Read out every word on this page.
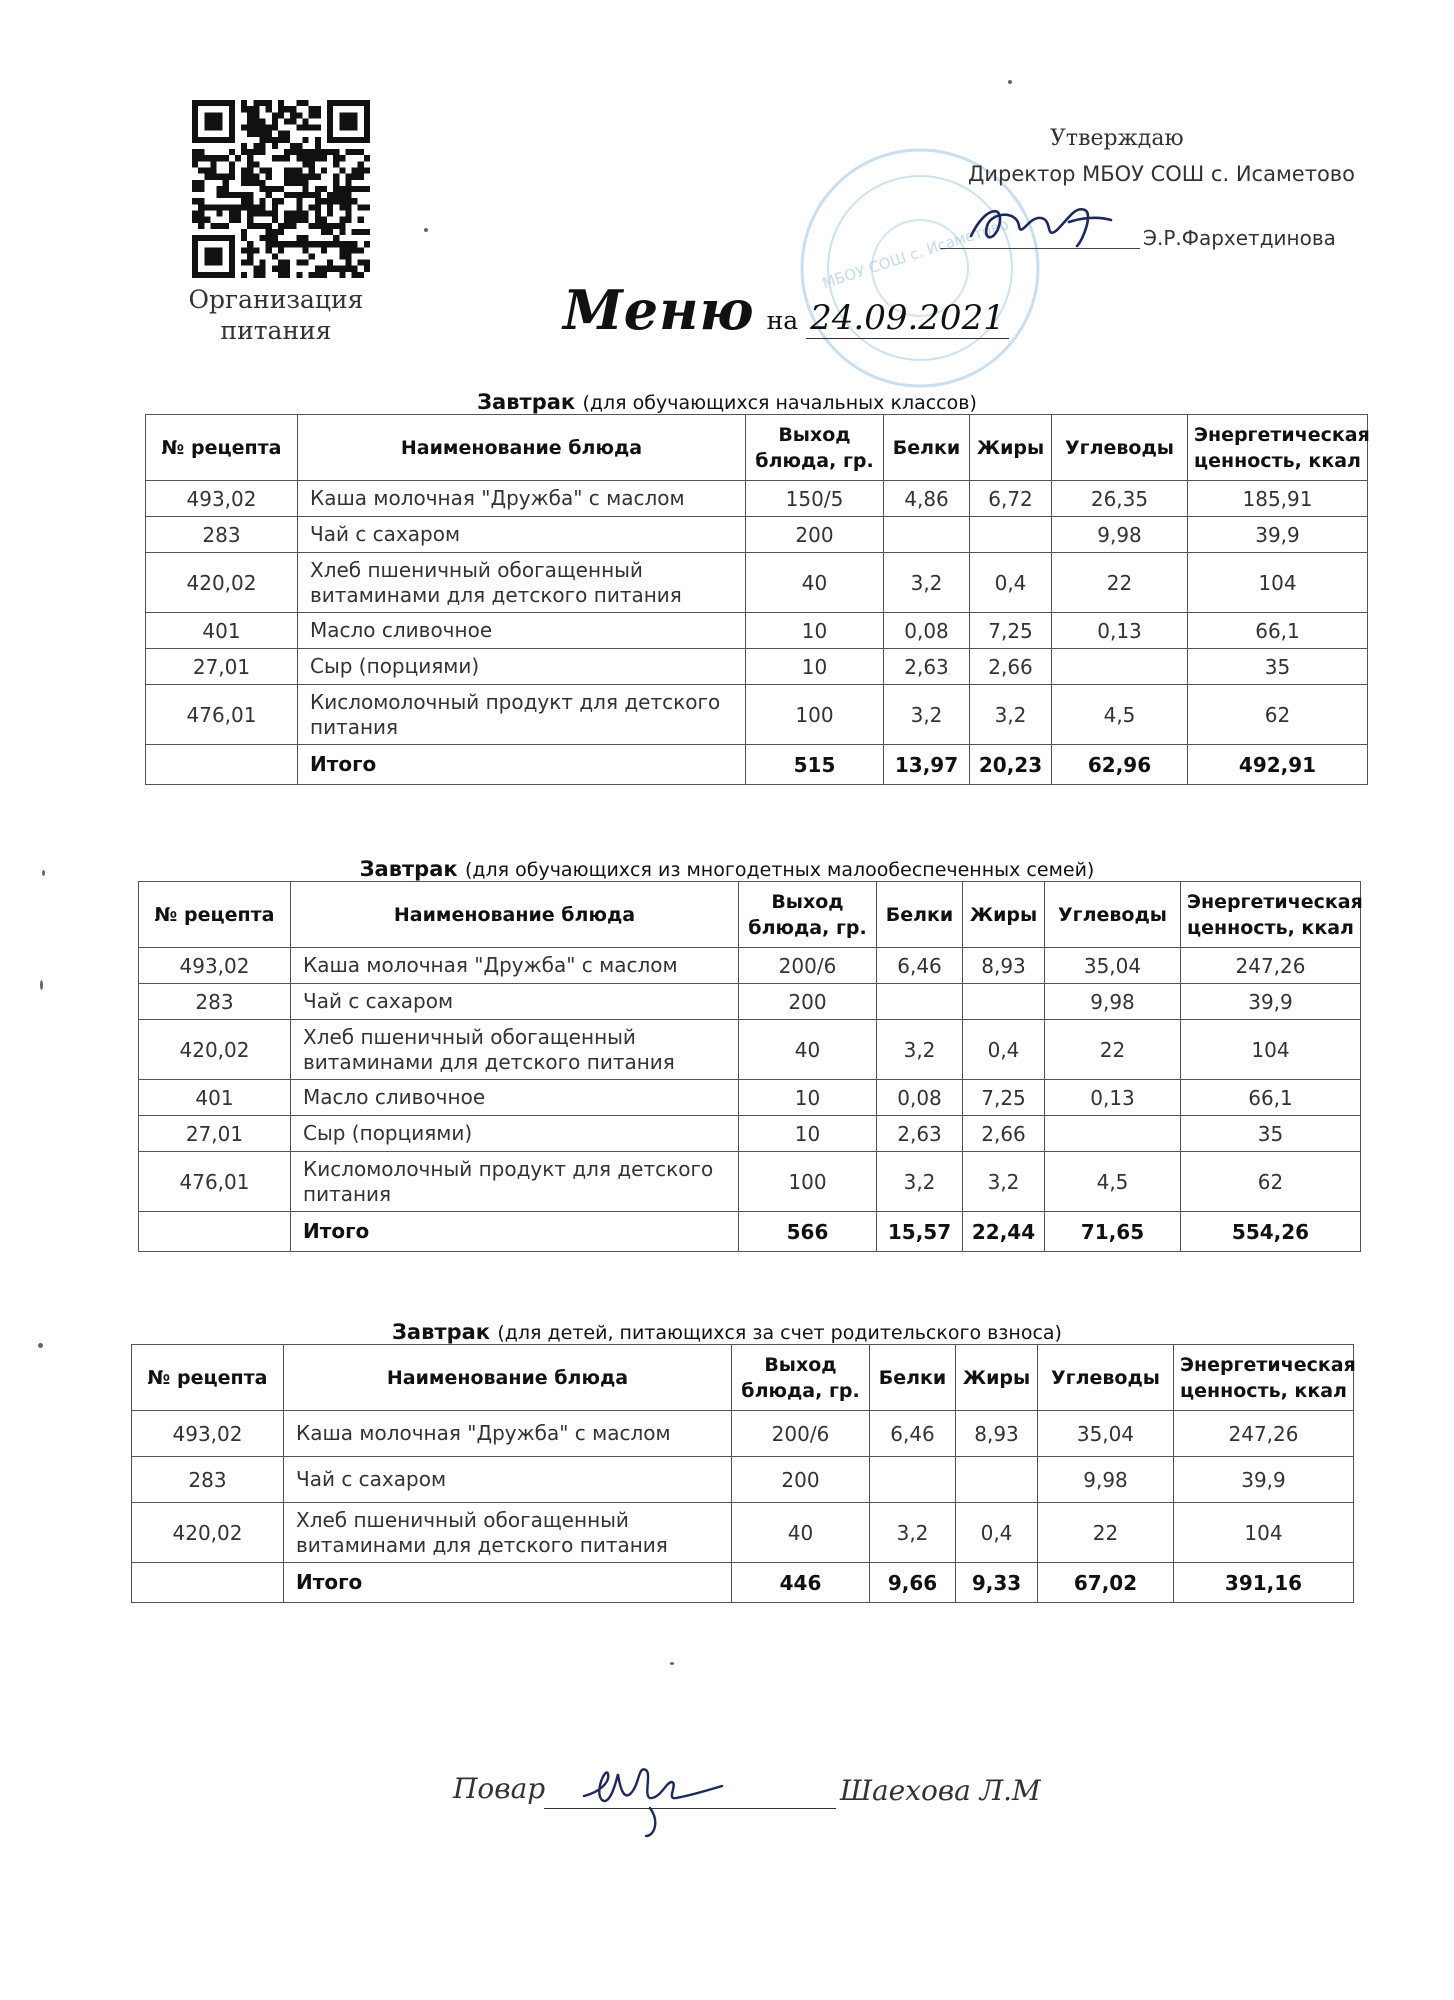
Организация питания
МБОУ СОШ с. Исаметово
Утверждаю
Директор МБОУ СОШ с. Исаметово
Э.Р.Фархетдинова
Меню на 24.09.2021
Завтрак (для обучающихся начальных классов)
№ рецепта	Наименование блюда	Выход блюда, гр.	Белки	Жиры	Углеводы	Энергетическая ценность, ккал
493,02	Каша молочная "Дружба" с маслом	150/5	4,86	6,72	26,35	185,91
283	Чай с сахаром	200			9,98	39,9
420,02	Хлеб пшеничный обогащенный витаминами для детского питания	40	3,2	0,4	22	104
401	Масло сливочное	10	0,08	7,25	0,13	66,1
27,01	Сыр (порциями)	10	2,63	2,66		35
476,01	Кисломолочный продукт для детского питания	100	3,2	3,2	4,5	62
	Итого	515	13,97	20,23	62,96	492,91
Завтрак (для обучающихся из многодетных малообеспеченных семей)
№ рецепта	Наименование блюда	Выход блюда, гр.	Белки	Жиры	Углеводы	Энергетическая ценность, ккал
493,02	Каша молочная "Дружба" с маслом	200/6	6,46	8,93	35,04	247,26
283	Чай с сахаром	200			9,98	39,9
420,02	Хлеб пшеничный обогащенный витаминами для детского питания	40	3,2	0,4	22	104
401	Масло сливочное	10	0,08	7,25	0,13	66,1
27,01	Сыр (порциями)	10	2,63	2,66		35
476,01	Кисломолочный продукт для детского питания	100	3,2	3,2	4,5	62
	Итого	566	15,57	22,44	71,65	554,26
Завтрак (для детей, питающихся за счет родительского взноса)
№ рецепта	Наименование блюда	Выход блюда, гр.	Белки	Жиры	Углеводы	Энергетическая ценность, ккал
493,02	Каша молочная "Дружба" с маслом	200/6	6,46	8,93	35,04	247,26
283	Чай с сахаром	200			9,98	39,9
420,02	Хлеб пшеничный обогащенный витаминами для детского питания	40	3,2	0,4	22	104
	Итого	446	9,66	9,33	67,02	391,16
Повар	Шаехова Л.М
